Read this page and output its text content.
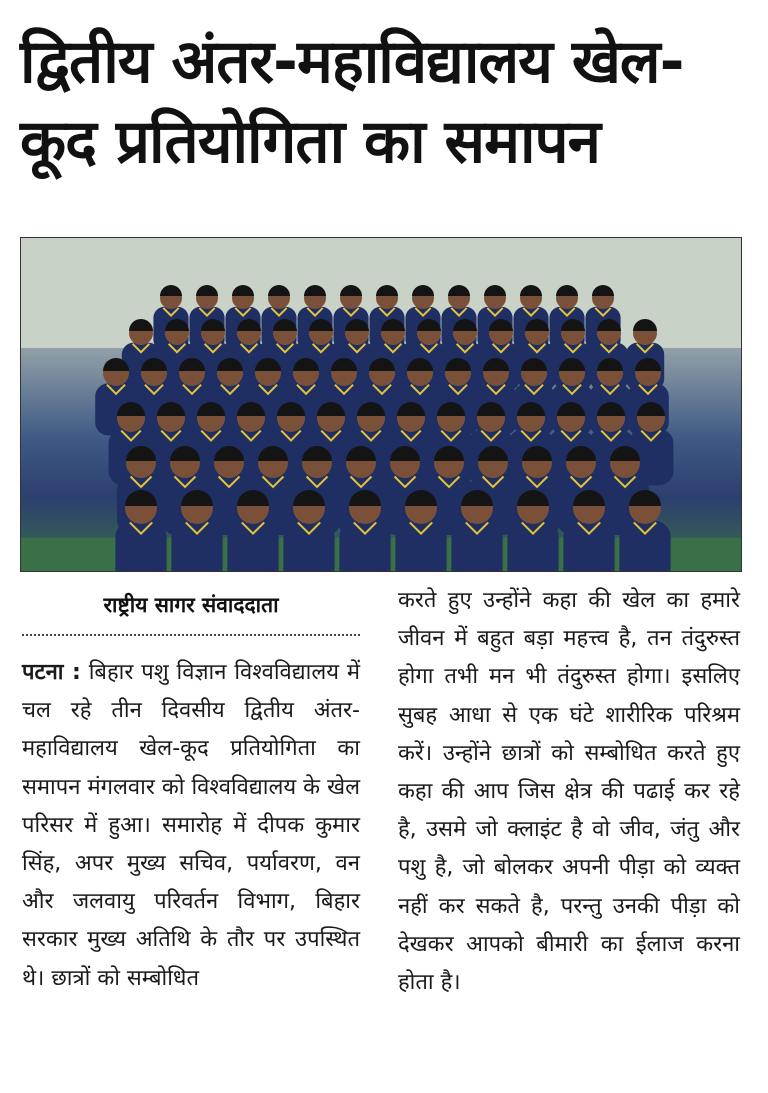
द्वितीय अंतर-महाविद्यालय खेल-कूद प्रतियोगिता का समापन
राष्ट्रीय सागर संवाददाता
पटना : बिहार पशु विज्ञान विश्वविद्यालय में चल रहे तीन दिवसीय द्वितीय अंतर-महाविद्यालय खेल-कूद प्रतियोगिता का समापन मंगलवार को विश्वविद्यालय के खेल परिसर में हुआ। समारोह में दीपक कुमार सिंह, अपर मुख्य सचिव, पर्यावरण, वन और जलवायु परिवर्तन विभाग, बिहार सरकार मुख्य अतिथि के तौर पर उपस्थित थे। छात्रों को सम्बोधित
करते हुए उन्होंने कहा की खेल का हमारे जीवन में बहुत बड़ा महत्त्व है, तन तंदुरुस्त होगा तभी मन भी तंदुरुस्त होगा। इसलिए सुबह आधा से एक घंटे शारीरिक परिश्रम करें। उन्होंने छात्रों को सम्बोधित करते हुए कहा की आप जिस क्षेत्र की पढाई कर रहे है, उसमे जो क्लाइंट है वो जीव, जंतु और पशु है, जो बोलकर अपनी पीड़ा को व्यक्त नहीं कर सकते है, परन्तु उनकी पीड़ा को देखकर आपको बीमारी का ईलाज करना होता है।
